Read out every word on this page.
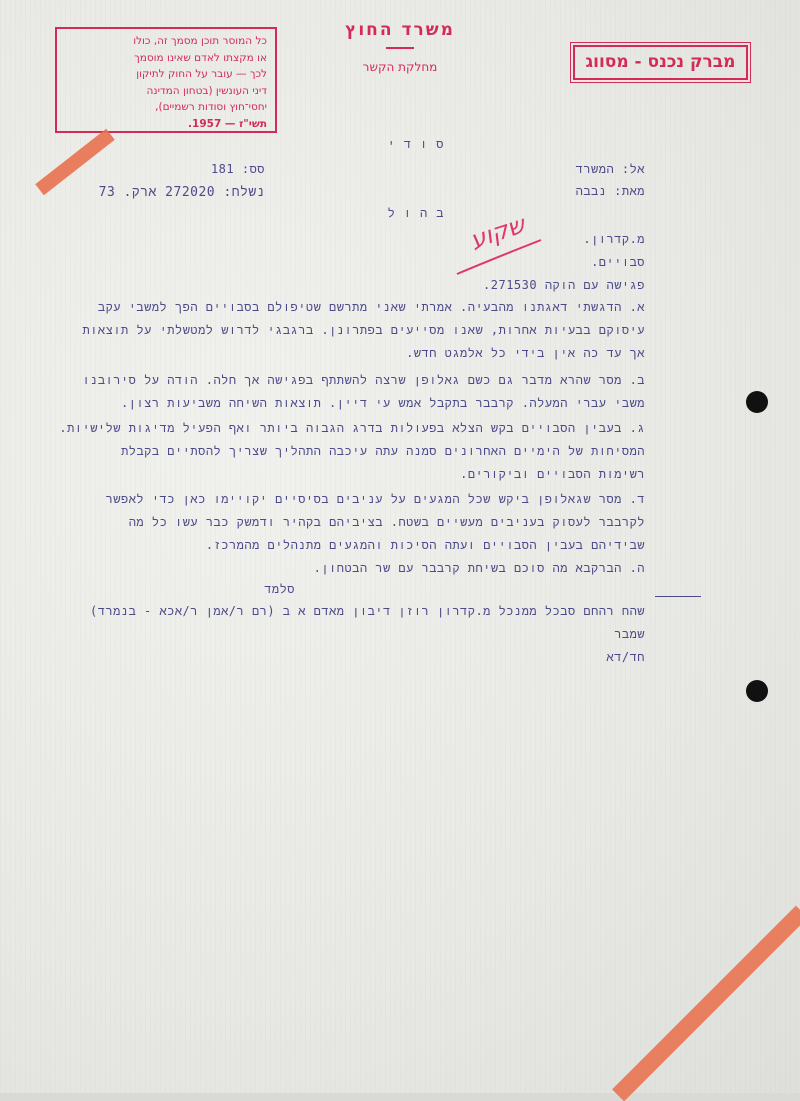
כל המוסר תוכן מסמך זה, כולו
או מקצתו לאדם שאינו מוסמך
לכך — עובר על החוק לתיקון
דיני העונשין (בטחון המדינה
יחסי־חוץ וסודות רשמיים),
תשי"ז — 1957.
משרד החוץ
מחלקת הקשר	מברק נכנס - מסווג
סודי
סס: 181
נשלח: 272020 ארק. 73
אל: המשרד
מאת: נבבה
בהול שקוע	מ.קדרון.
סבויים.
פגישה עם הוקה 271530.
א. הדגשתי דאגתנו מהבעיה. אמרתי שאני מתרשם שטיפולם בסבויים הפך למשבי עקב
עיסוקם בבעיות אחרות, שאנו מסייעים בפתרונן. ברגבגי לדרוש למטשלתי על תוצאות
אך עד כה אין בידי כל אלמגט חדש.
ב. מסר שהרא מדבר גם כשם גאלופן שרצה להשתתף בפגישה אך חלה. הודה על סירובנו
משבי עברי המעלה. קרבבר בתקבל אמש עי דיין. תוצאות השיחה משביעות רצון.
ג. בעבין הסבויים בקש הצלא בפעולות בדרג הגבוה ביותר ואף הפעיל מדיגות שלישיות.
המסיחות של הימיים האחרונים סמנה עתה עיכבה התהליך שצריך להסתיים בקבלת
רשימות הסבויים וביקורים.
ד. מסר שגאלופן ביקש שכל המגעים על עניבים בסיסיים יקויימו כאן כדי לאפשר
לקרבבר לעסוק בעניבים מעשיים בשטח. בציביהם בקהיר ודמשק כבר עשו כל מה
שבידיהם בעבין הסבויים ועתה הסיכות והמגעים מתנהלים מהמרכז.
ה. הברקבא מה סוכם בשיחת קרבבר עם שר הבטחון.
סלמד
שהח רהחם סבכל ממנכל מ.קדרון רוזן דיבון מאדם א ב (רם ר/אמן ר/אכא - בנמרד)
שמבר
חד/דא
